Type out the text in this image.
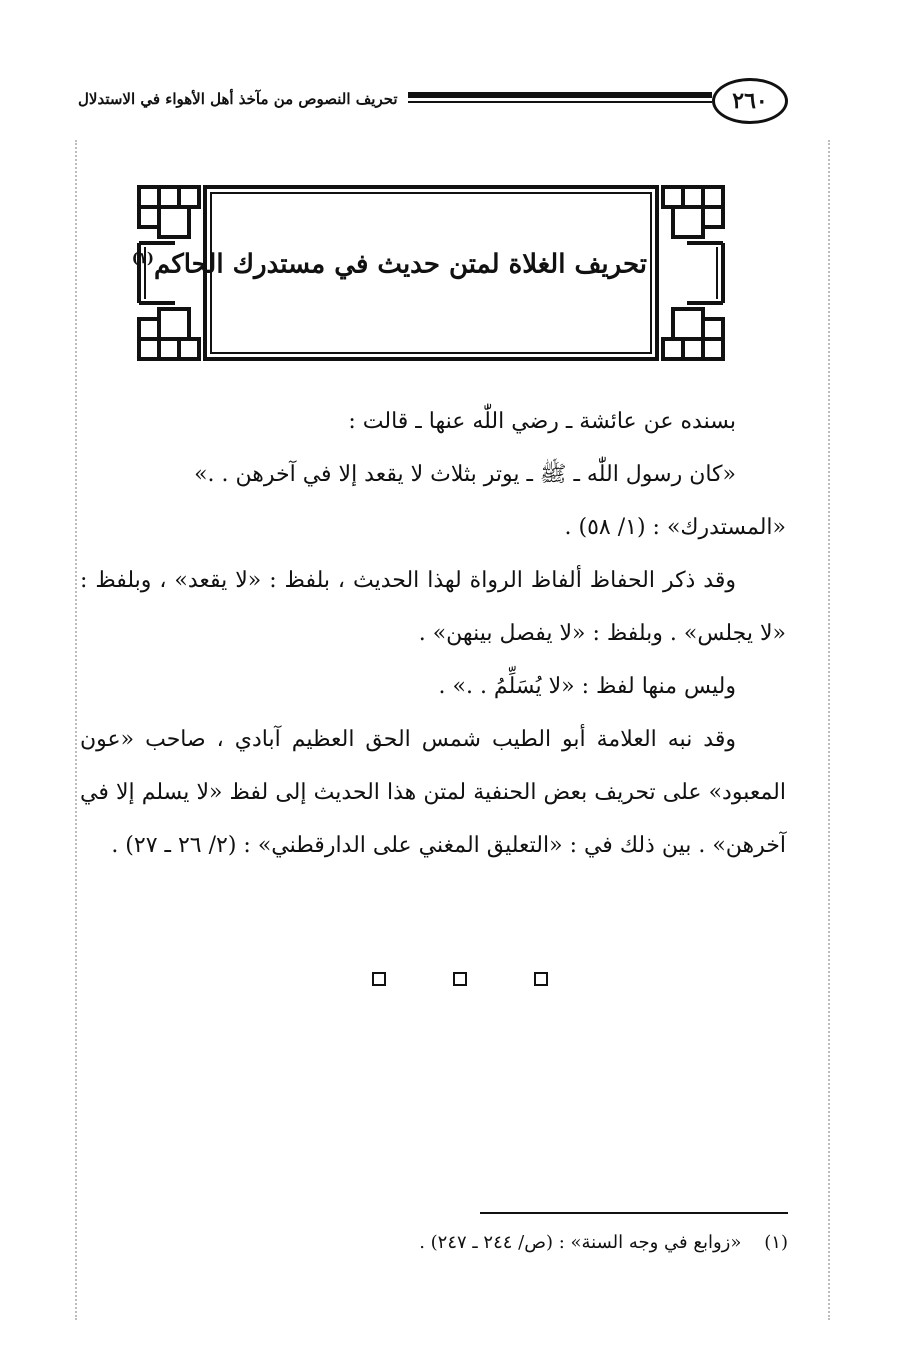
٢٦٠
تحريف النصوص من مآخذ أهل الأهواء في الاستدلال
تحريف الغلاة لمتن حديث في مستدرك الحاكم$^{(١)}$

بسنده عن عائشة ـ رضي اللّٰه عنها ـ قالت :

«كان رسول اللّٰه ـ ﷺ ـ يوتر بثلاث لا يقعد إلا في آخرهن . .»

«المستدرك» : (١/ ٥٨) .

وقد ذكر الحفاظ ألفاظ الرواة لهذا الحديث ، بلفظ : «لا يقعد» ، وبلفظ : «لا يجلس» . وبلفظ : «لا يفصل بينهن» .

وليس منها لفظ : «لا يُسَلِّمُ . .» .

وقد نبه العلامة أبو الطيب شمس الحق العظيم آبادي ، صاحب «عون المعبود» على تحريف بعض الحنفية لمتن هذا الحديث إلى لفظ «لا يسلم إلا في آخرهن» . بين ذلك في : «التعليق المغني على الدارقطني» : (٢/ ٢٦ ـ ٢٧) .

(١)    «زوابع في وجه السنة» : (ص/ ٢٤٤ ـ ٢٤٧) .
